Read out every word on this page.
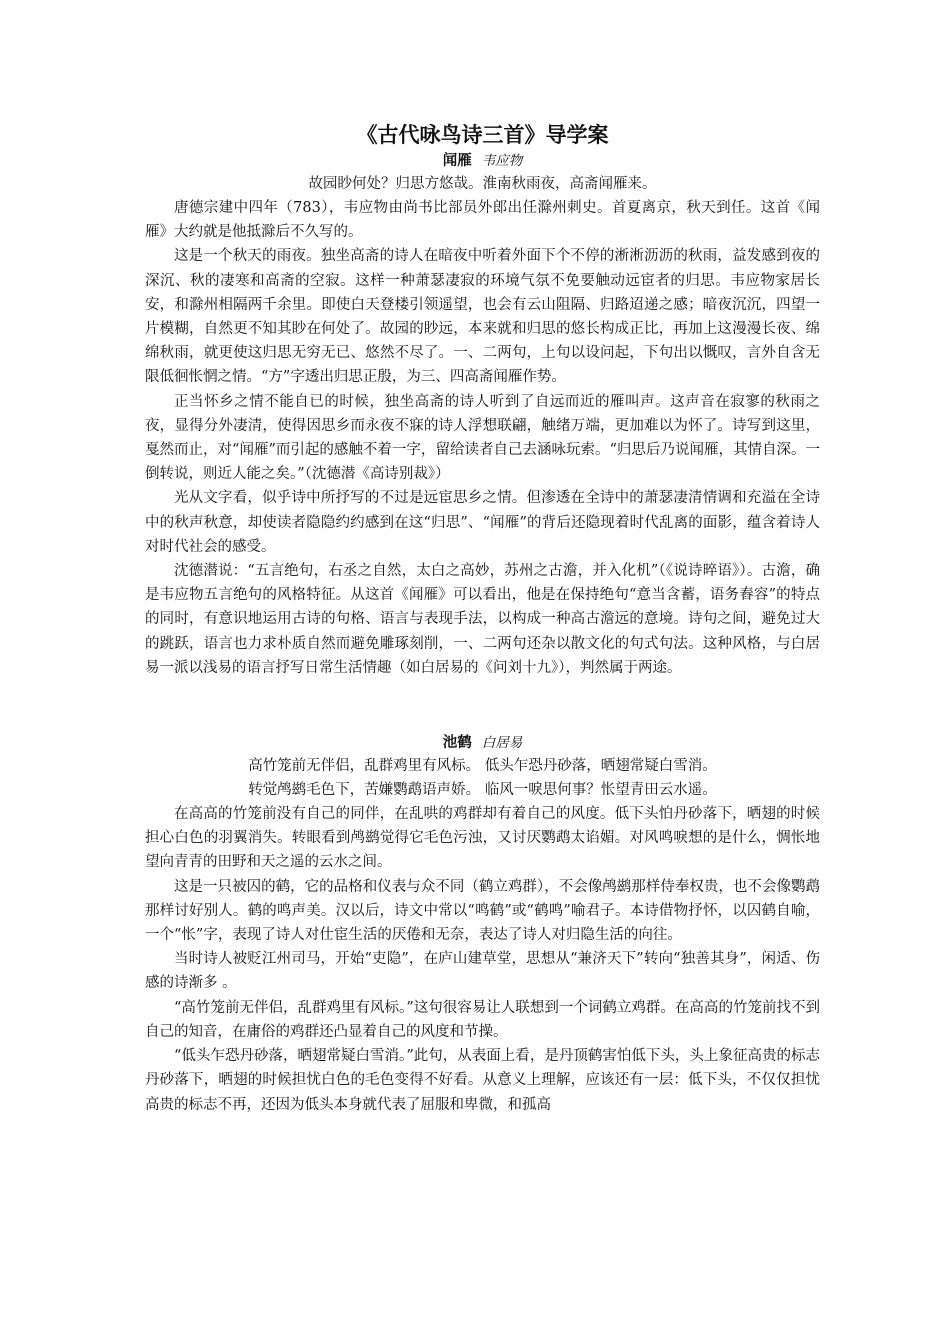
《古代咏鸟诗三首》导学案

闻雁 韦应物

故园眇何处？归思方悠哉。淮南秋雨夜，高斋闻雁来。

唐德宗建中四年（783），韦应物由尚书比部员外郎出任滁州刺史。首夏离京，秋天到任。这首《闻雁》大约就是他抵滁后不久写的。

这是一个秋天的雨夜。独坐高斋的诗人在暗夜中听着外面下个不停的淅淅沥沥的秋雨，益发感到夜的深沉、秋的凄寒和高斋的空寂。这样一种萧瑟凄寂的环境气氛不免要触动远宦者的归思。韦应物家居长安，和滁州相隔两千余里。即使白天登楼引领遥望，也会有云山阻隔、归路迢递之感；暗夜沉沉，四望一片模糊，自然更不知其眇在何处了。故园的眇远，本来就和归思的悠长构成正比，再加上这漫漫长夜、绵绵秋雨，就更使这归思无穷无已、悠然不尽了。一、二两句，上句以设问起，下句出以慨叹，言外自含无限低徊怅惘之情。“方”字透出归思正殷，为三、四高斋闻雁作势。

正当怀乡之情不能自已的时候，独坐高斋的诗人听到了自远而近的雁叫声。这声音在寂寥的秋雨之夜，显得分外凄清，使得因思乡而永夜不寐的诗人浮想联翩，触绪万端，更加难以为怀了。诗写到这里，戛然而止，对“闻雁”而引起的感触不着一字，留给读者自己去涵咏玩索。“归思后乃说闻雁，其情自深。一倒转说，则近人能之矣。”（沈德潜《高诗别裁》）

光从文字看，似乎诗中所抒写的不过是远宦思乡之情。但渗透在全诗中的萧瑟凄清情调和充溢在全诗中的秋声秋意，却使读者隐隐约约感到在这“归思”、“闻雁”的背后还隐现着时代乱离的面影，蕴含着诗人对时代社会的感受。

沈德潜说：“五言绝句，右丞之自然，太白之高妙，苏州之古澹，并入化机”（《说诗晬语》）。古澹，确是韦应物五言绝句的风格特征。从这首《闻雁》可以看出，他是在保持绝句“意当含蓄，语务舂容”的特点的同时，有意识地运用古诗的句格、语言与表现手法，以构成一种高古澹远的意境。诗句之间，避免过大的跳跃，语言也力求朴质自然而避免雕琢刻削，一、二两句还杂以散文化的句式句法。这种风格，与白居易一派以浅易的语言抒写日常生活情趣（如白居易的《问刘十九》），判然属于两途。

池鹤 白居易

高竹笼前无伴侣，乱群鸡里有风标。 低头乍恐丹砂落，晒翅常疑白雪消。

转觉鸬鹚毛色下，苦嫌鹦鹉语声娇。 临风一唳思何事？怅望青田云水遥。

在高高的竹笼前没有自己的同伴，在乱哄的鸡群却有着自己的风度。低下头怕丹砂落下，晒翅的时候担心白色的羽翼消失。转眼看到鸬鹚觉得它毛色污浊，又讨厌鹦鹉太谄媚。对风鸣唳想的是什么，惆怅地望向青青的田野和天之遥的云水之间。

这是一只被囚的鹤，它的品格和仪表与众不同（鹤立鸡群），不会像鸬鹚那样侍奉权贵，也不会像鹦鹉那样讨好别人。鹤的鸣声美。汉以后，诗文中常以“鸣鹤”或“鹤鸣”喻君子。本诗借物抒怀，以囚鹤自喻，一个“怅”字，表现了诗人对仕宦生活的厌倦和无奈，表达了诗人对归隐生活的向往。

当时诗人被贬江州司马，开始“吏隐”，在庐山建草堂，思想从“兼济天下”转向“独善其身”，闲适、伤感的诗渐多 。

“高竹笼前无伴侣，乱群鸡里有风标。”这句很容易让人联想到一个词鹤立鸡群。在高高的竹笼前找不到自己的知音，在庸俗的鸡群还凸显着自己的风度和节操。

“低头乍恐丹砂落，晒翅常疑白雪消。”此句，从表面上看，是丹顶鹤害怕低下头，头上象征高贵的标志丹砂落下，晒翅的时候担忧白色的毛色变得不好看。从意义上理解，应该还有一层：低下头，不仅仅担忧高贵的标志不再，还因为低头本身就代表了屈服和卑微，和孤高
